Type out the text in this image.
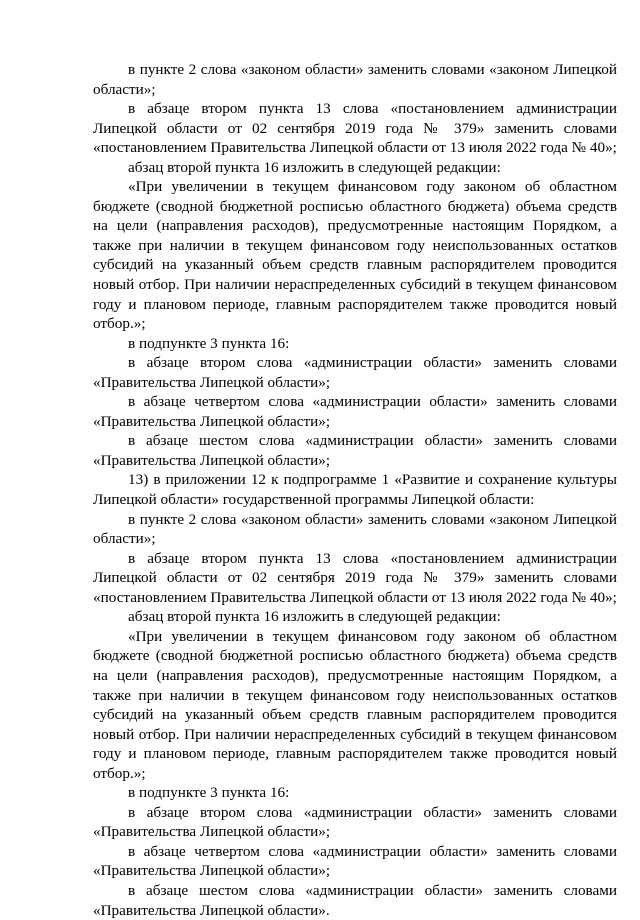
в пункте 2 слова «законом области» заменить словами «законом Липецкой области»;

в абзаце втором пункта 13 слова «постановлением администрации Липецкой области от 02 сентября 2019 года № 379» заменить словами «постановлением Правительства Липецкой области от 13 июля 2022 года № 40»;

абзац второй пункта 16 изложить в следующей редакции:

«При увеличении в текущем финансовом году законом об областном бюджете (сводной бюджетной росписью областного бюджета) объема средств на цели (направления расходов), предусмотренные настоящим Порядком, а также при наличии в текущем финансовом году неиспользованных остатков субсидий на указанный объем средств главным распорядителем проводится новый отбор. При наличии нераспределенных субсидий в текущем финансовом году и плановом периоде, главным распорядителем также проводится новый отбор.»;

в подпункте 3 пункта 16:

в абзаце втором слова «администрации области» заменить словами «Правительства Липецкой области»;

в абзаце четвертом слова «администрации области» заменить словами «Правительства Липецкой области»;

в абзаце шестом слова «администрации области» заменить словами «Правительства Липецкой области»;

13) в приложении 12 к подпрограмме 1 «Развитие и сохранение культуры Липецкой области» государственной программы Липецкой области:

в пункте 2 слова «законом области» заменить словами «законом Липецкой области»;

в абзаце втором пункта 13 слова «постановлением администрации Липецкой области от 02 сентября 2019 года № 379» заменить словами «постановлением Правительства Липецкой области от 13 июля 2022 года № 40»;

абзац второй пункта 16 изложить в следующей редакции:

«При увеличении в текущем финансовом году законом об областном бюджете (сводной бюджетной росписью областного бюджета) объема средств на цели (направления расходов), предусмотренные настоящим Порядком, а также при наличии в текущем финансовом году неиспользованных остатков субсидий на указанный объем средств главным распорядителем проводится новый отбор. При наличии нераспределенных субсидий в текущем финансовом году и плановом периоде, главным распорядителем также проводится новый отбор.»;

в подпункте 3 пункта 16:

в абзаце втором слова «администрации области» заменить словами «Правительства Липецкой области»;

в абзаце четвертом слова «администрации области» заменить словами «Правительства Липецкой области»;

в абзаце шестом слова «администрации области» заменить словами «Правительства Липецкой области».
